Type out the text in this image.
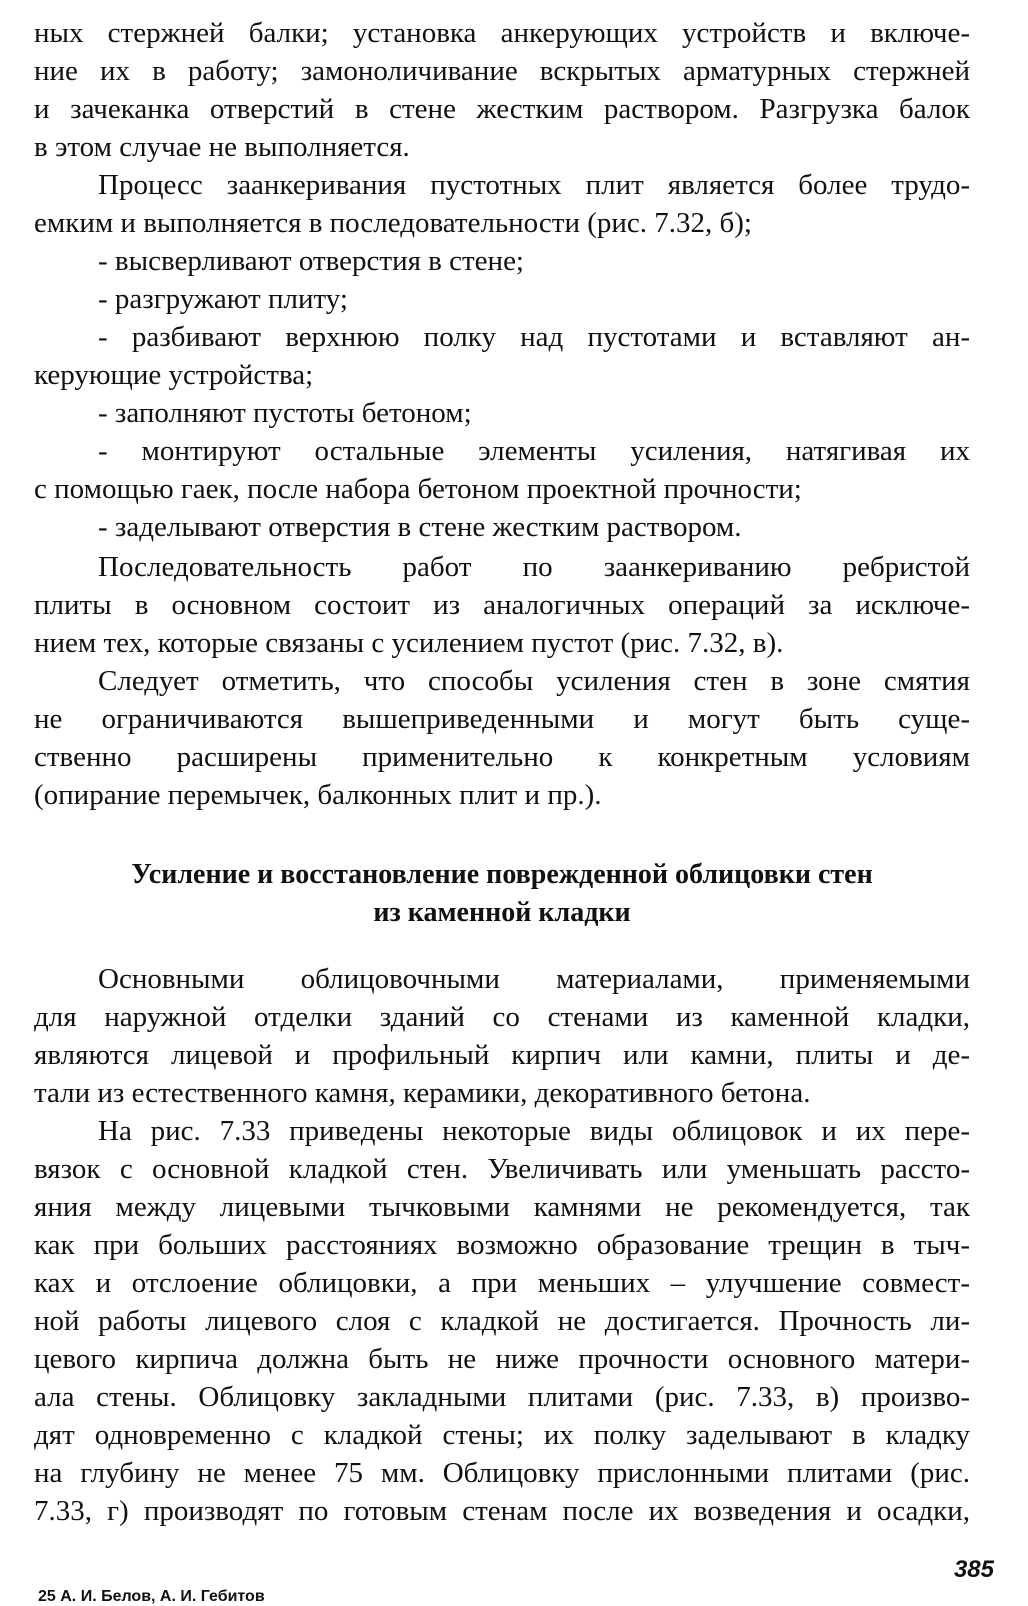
ных стержней балки; установка анкерующих устройств и включе-
ние их в работу; замоноличивание вскрытых арматурных стержней
и зачеканка отверстий в стене жестким раствором. Разгрузка балок
в этом случае не выполняется.
Процесс заанкеривания пустотных плит является более трудо-
емким и выполняется в последовательности (рис. 7.32, б);
- высверливают отверстия в стене;
- разгружают плиту;
- разбивают верхнюю полку над пустотами и вставляют ан-
керующие устройства;
- заполняют пустоты бетоном;
- монтируют остальные элементы усиления, натягивая их
с помощью гаек, после набора бетоном проектной прочности;
- заделывают отверстия в стене жестким раствором.
Последовательность работ по заанкериванию ребристой
плиты в основном состоит из аналогичных операций за исключе-
нием тех, которые связаны с усилением пустот (рис. 7.32, в).
Следует отметить, что способы усиления стен в зоне смятия
не ограничиваются вышеприведенными и могут быть суще-
ственно расширены применительно к конкретным условиям
(опирание перемычек, балконных плит и пр.).
Усиление и восстановление поврежденной облицовки стен
из каменной кладки
Основными облицовочными материалами, применяемыми
для наружной отделки зданий со стенами из каменной кладки,
являются лицевой и профильный кирпич или камни, плиты и де-
тали из естественного камня, керамики, декоративного бетона.
На рис. 7.33 приведены некоторые виды облицовок и их пере-
вязок с основной кладкой стен. Увеличивать или уменьшать рассто-
яния между лицевыми тычковыми камнями не рекомендуется, так
как при больших расстояниях возможно образование трещин в тыч-
ках и отслоение облицовки, а при меньших – улучшение совмест-
ной работы лицевого слоя с кладкой не достигается. Прочность ли-
цевого кирпича должна быть не ниже прочности основного матери-
ала стены. Облицовку закладными плитами (рис. 7.33, в) произво-
дят одновременно с кладкой стены; их полку заделывают в кладку
на глубину не менее 75 мм. Облицовку прислонными плитами (рис.
7.33, г) производят по готовым стенам после их возведения и осадки,
385
25 А. И. Белов, А. И. Гебитов
